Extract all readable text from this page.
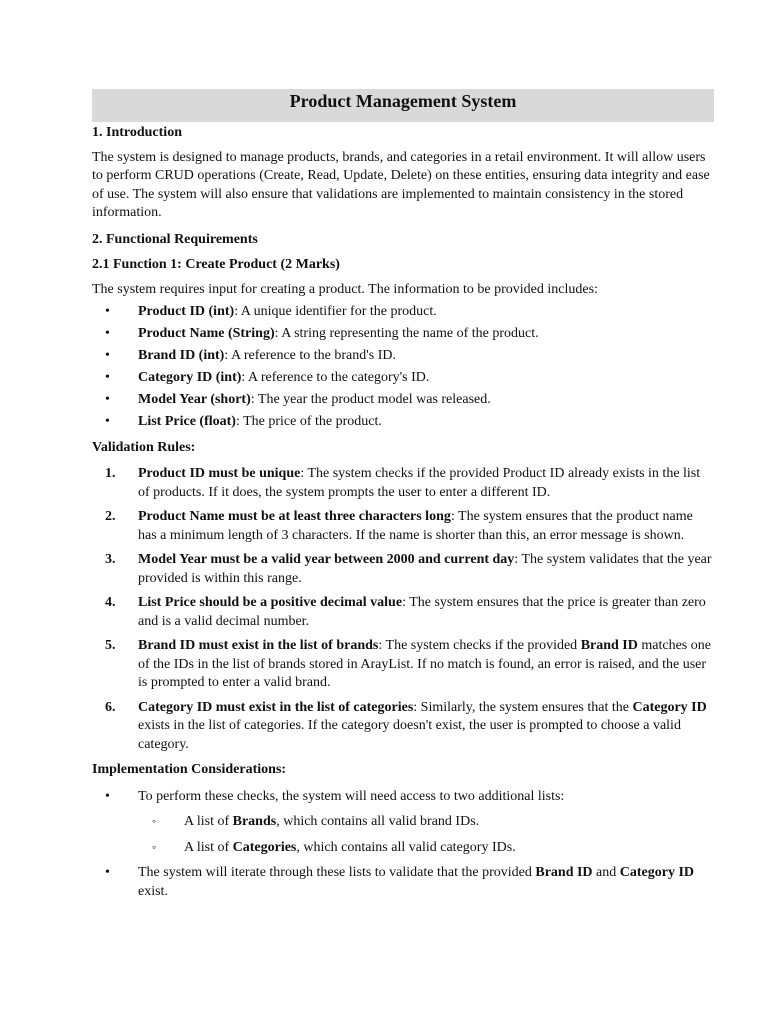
Product Management System
1. Introduction

The system is designed to manage products, brands, and categories in a retail environment. It will allow users to perform CRUD operations (Create, Read, Update, Delete) on these entities, ensuring data integrity and ease of use. The system will also ensure that validations are implemented to maintain consistency in the stored information.

2. Functional Requirements
2.1 Function 1: Create Product (2 Marks)

The system requires input for creating a product. The information to be provided includes:

• Product ID (int): A unique identifier for the product.
• Product Name (String): A string representing the name of the product.
• Brand ID (int): A reference to the brand's ID.
• Category ID (int): A reference to the category's ID.
• Model Year (short): The year the product model was released.
• List Price (float): The price of the product.
Validation Rules:
1. Product ID must be unique: The system checks if the provided Product ID already exists in the list of products. If it does, the system prompts the user to enter a different ID.
2. Product Name must be at least three characters long: The system ensures that the product name has a minimum length of 3 characters. If the name is shorter than this, an error message is shown.
3. Model Year must be a valid year between 2000 and current day: The system validates that the year provided is within this range.
4. List Price should be a positive decimal value: The system ensures that the price is greater than zero and is a valid decimal number.
5. Brand ID must exist in the list of brands: The system checks if the provided Brand ID matches one of the IDs in the list of brands stored in ArayList. If no match is found, an error is raised, and the user is prompted to enter a valid brand.
6. Category ID must exist in the list of categories: Similarly, the system ensures that the Category ID exists in the list of categories. If the category doesn't exist, the user is prompted to choose a valid category.
Implementation Considerations:
• To perform these checks, the system will need access to two additional lists:
◦ A list of Brands, which contains all valid brand IDs.
◦ A list of Categories, which contains all valid category IDs.
• The system will iterate through these lists to validate that the provided Brand ID and Category ID exist.
